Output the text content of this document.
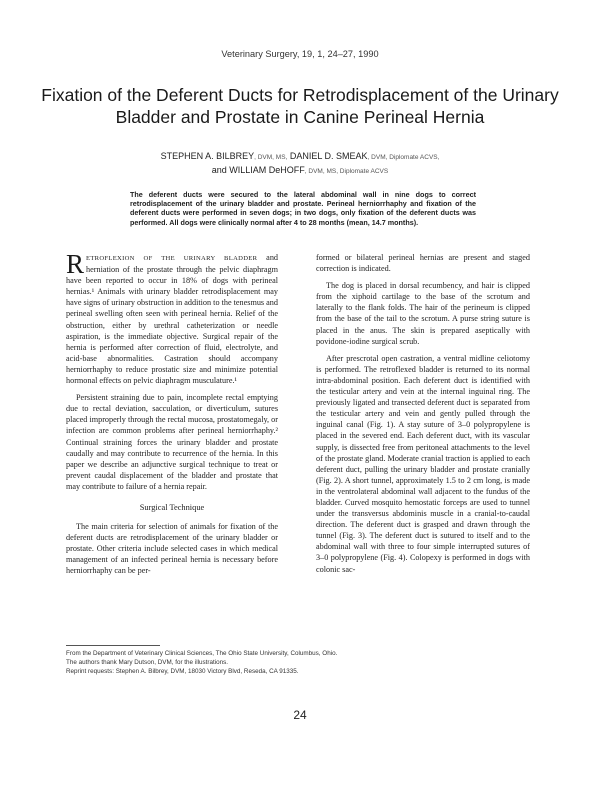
Veterinary Surgery, 19, 1, 24–27, 1990
Fixation of the Deferent Ducts for Retrodisplacement of the Urinary Bladder and Prostate in Canine Perineal Hernia
STEPHEN A. BILBREY, DVM, MS, DANIEL D. SMEAK, DVM, Diplomate ACVS,
and WILLIAM DeHOFF, DVM, MS, Diplomate ACVS

The deferent ducts were secured to the lateral abdominal wall in nine dogs to correct retrodisplacement of the urinary bladder and prostate. Perineal herniorrhaphy and fixation of the deferent ducts were performed in seven dogs; in two dogs, only fixation of the deferent ducts was performed. All dogs were clinically normal after 4 to 28 months (mean, 14.7 months).

RETROFLEXION OF THE URINARY BLADDER and herniation of the prostate through the pelvic diaphragm have been reported to occur in 18% of dogs with perineal hernias.¹ Animals with urinary bladder retrodisplacement may have signs of urinary obstruction in addition to the tenesmus and perineal swelling often seen with perineal hernia. Relief of the obstruction, either by urethral catheterization or needle aspiration, is the immediate objective. Surgical repair of the hernia is performed after correction of fluid, electrolyte, and acid-base abnormalities. Castration should accompany herniorrhaphy to reduce prostatic size and minimize potential hormonal effects on pelvic diaphragm musculature.¹

Persistent straining due to pain, incomplete rectal emptying due to rectal deviation, sacculation, or diverticulum, sutures placed improperly through the rectal mucosa, prostatomegaly, or infection are common problems after perineal herniorrhaphy.² Continual straining forces the urinary bladder and prostate caudally and may contribute to recurrence of the hernia. In this paper we describe an adjunctive surgical technique to treat or prevent caudal displacement of the bladder and prostate that may contribute to failure of a hernia repair.

Surgical Technique

The main criteria for selection of animals for fixation of the deferent ducts are retrodisplacement of the urinary bladder or prostate. Other criteria include selected cases in which medical management of an infected perineal hernia is necessary before herniorrhaphy can be per-

formed or bilateral perineal hernias are present and staged correction is indicated.

The dog is placed in dorsal recumbency, and hair is clipped from the xiphoid cartilage to the base of the scrotum and laterally to the flank folds. The hair of the perineum is clipped from the base of the tail to the scrotum. A purse string suture is placed in the anus. The skin is prepared aseptically with povidone-iodine surgical scrub.

After prescrotal open castration, a ventral midline celiotomy is performed. The retroflexed bladder is returned to its normal intra-abdominal position. Each deferent duct is identified with the testicular artery and vein at the internal inguinal ring. The previously ligated and transected deferent duct is separated from the testicular artery and vein and gently pulled through the inguinal canal (Fig. 1). A stay suture of 3–0 polypropylene is placed in the severed end. Each deferent duct, with its vascular supply, is dissected free from peritoneal attachments to the level of the prostate gland. Moderate cranial traction is applied to each deferent duct, pulling the urinary bladder and prostate cranially (Fig. 2). A short tunnel, approximately 1.5 to 2 cm long, is made in the ventrolateral abdominal wall adjacent to the fundus of the bladder. Curved mosquito hemostatic forceps are used to tunnel under the transversus abdominis muscle in a cranial-to-caudal direction. The deferent duct is grasped and drawn through the tunnel (Fig. 3). The deferent duct is sutured to itself and to the abdominal wall with three to four simple interrupted sutures of 3–0 polypropylene (Fig. 4). Colopexy is performed in dogs with colonic sac-

From the Department of Veterinary Clinical Sciences, The Ohio State University, Columbus, Ohio.
The authors thank Mary Dutson, DVM, for the illustrations.
Reprint requests: Stephen A. Bilbrey, DVM, 18030 Victory Blvd, Reseda, CA 91335.
24
